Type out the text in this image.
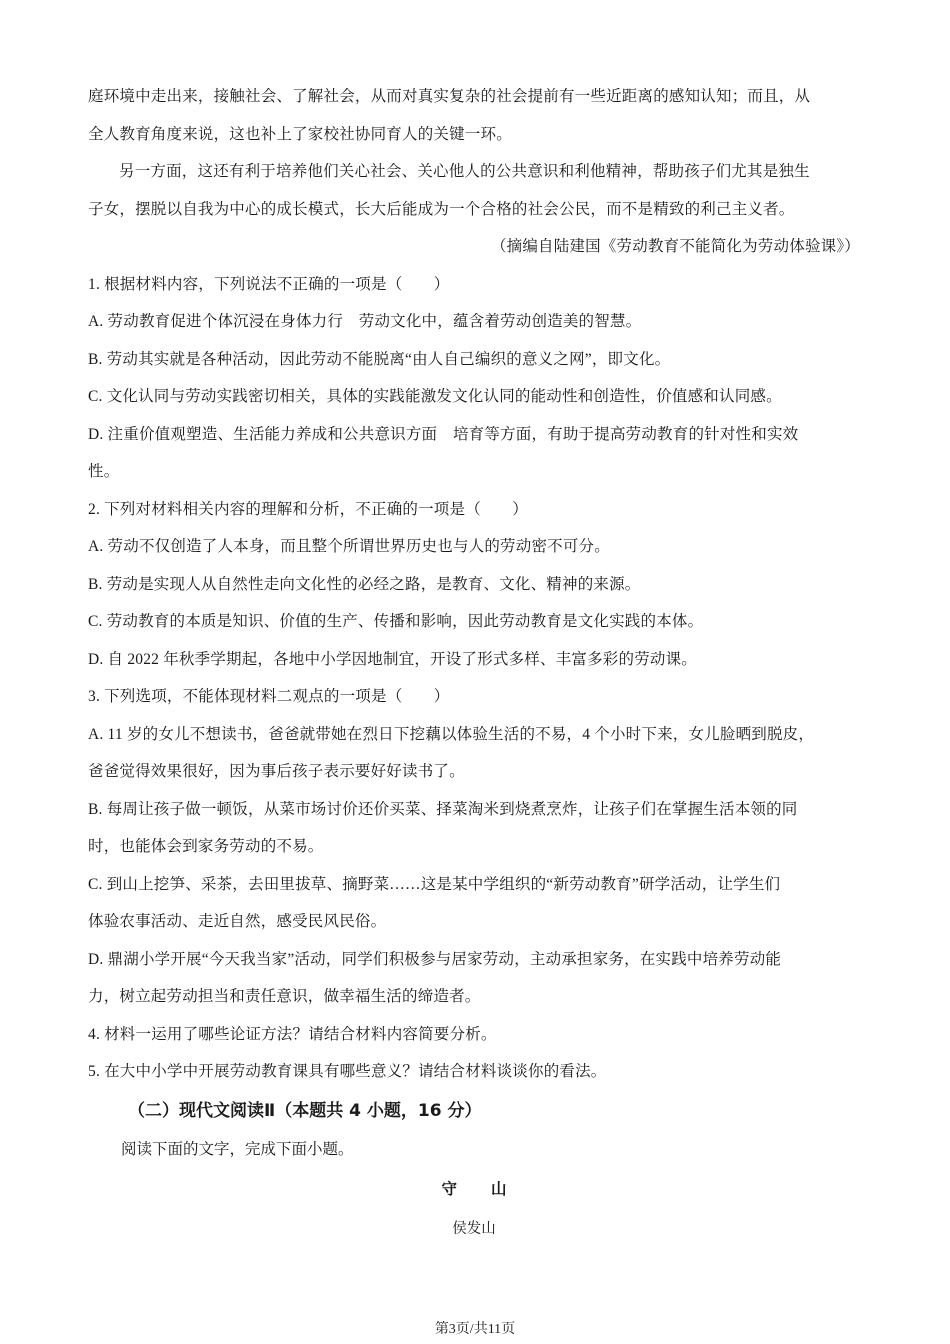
庭环境中走出来，接触社会、了解社会，从而对真实复杂的社会提前有一些近距离的感知认知；而且，从
全人教育角度来说，这也补上了家校社协同育人的关键一环。
另一方面，这还有利于培养他们关心社会、关心他人的公共意识和利他精神，帮助孩子们尤其是独生
子女，摆脱以自我为中心的成长模式，长大后能成为一个合格的社会公民，而不是精致的利己主义者。
（摘编自陆建国《劳动教育不能简化为劳动体验课》）
1. 根据材料内容，下列说法不正确的一项是（　　）
A. 劳动教育促进个体沉浸在身体力行　劳动文化中，蕴含着劳动创造美的智慧。
B. 劳动其实就是各种活动，因此劳动不能脱离“由人自己编织的意义之网”，即文化。
C. 文化认同与劳动实践密切相关，具体的实践能激发文化认同的能动性和创造性，价值感和认同感。
D. 注重价值观塑造、生活能力养成和公共意识方面　培育等方面，有助于提高劳动教育的针对性和实效
性。
2. 下列对材料相关内容的理解和分析，不正确的一项是（　　）
A. 劳动不仅创造了人本身，而且整个所谓世界历史也与人的劳动密不可分。
B. 劳动是实现人从自然性走向文化性的必经之路，是教育、文化、精神的来源。
C. 劳动教育的本质是知识、价值的生产、传播和影响，因此劳动教育是文化实践的本体。
D. 自 2022 年秋季学期起，各地中小学因地制宜，开设了形式多样、丰富多彩的劳动课。
3. 下列选项，不能体现材料二观点的一项是（　　）
A. 11 岁的女儿不想读书，爸爸就带她在烈日下挖藕以体验生活的不易，4 个小时下来，女儿脸晒到脱皮，
爸爸觉得效果很好，因为事后孩子表示要好好读书了。
B. 每周让孩子做一顿饭，从菜市场讨价还价买菜、择菜淘米到烧煮烹炸，让孩子们在掌握生活本领的同
时，也能体会到家务劳动的不易。
C. 到山上挖笋、采茶，去田里拔草、摘野菜……这是某中学组织的“新劳动教育”研学活动，让学生们
体验农事活动、走近自然，感受民风民俗。
D. 鼎湖小学开展“今天我当家”活动，同学们积极参与居家劳动，主动承担家务，在实践中培养劳动能
力，树立起劳动担当和责任意识，做幸福生活的缔造者。
4. 材料一运用了哪些论证方法？请结合材料内容简要分析。
5. 在大中小学中开展劳动教育课具有哪些意义？请结合材料谈谈你的看法。
（二）现代文阅读Ⅱ（本题共 4 小题，16 分）
阅读下面的文字，完成下面小题。
守山
侯发山
第3页/共11页
